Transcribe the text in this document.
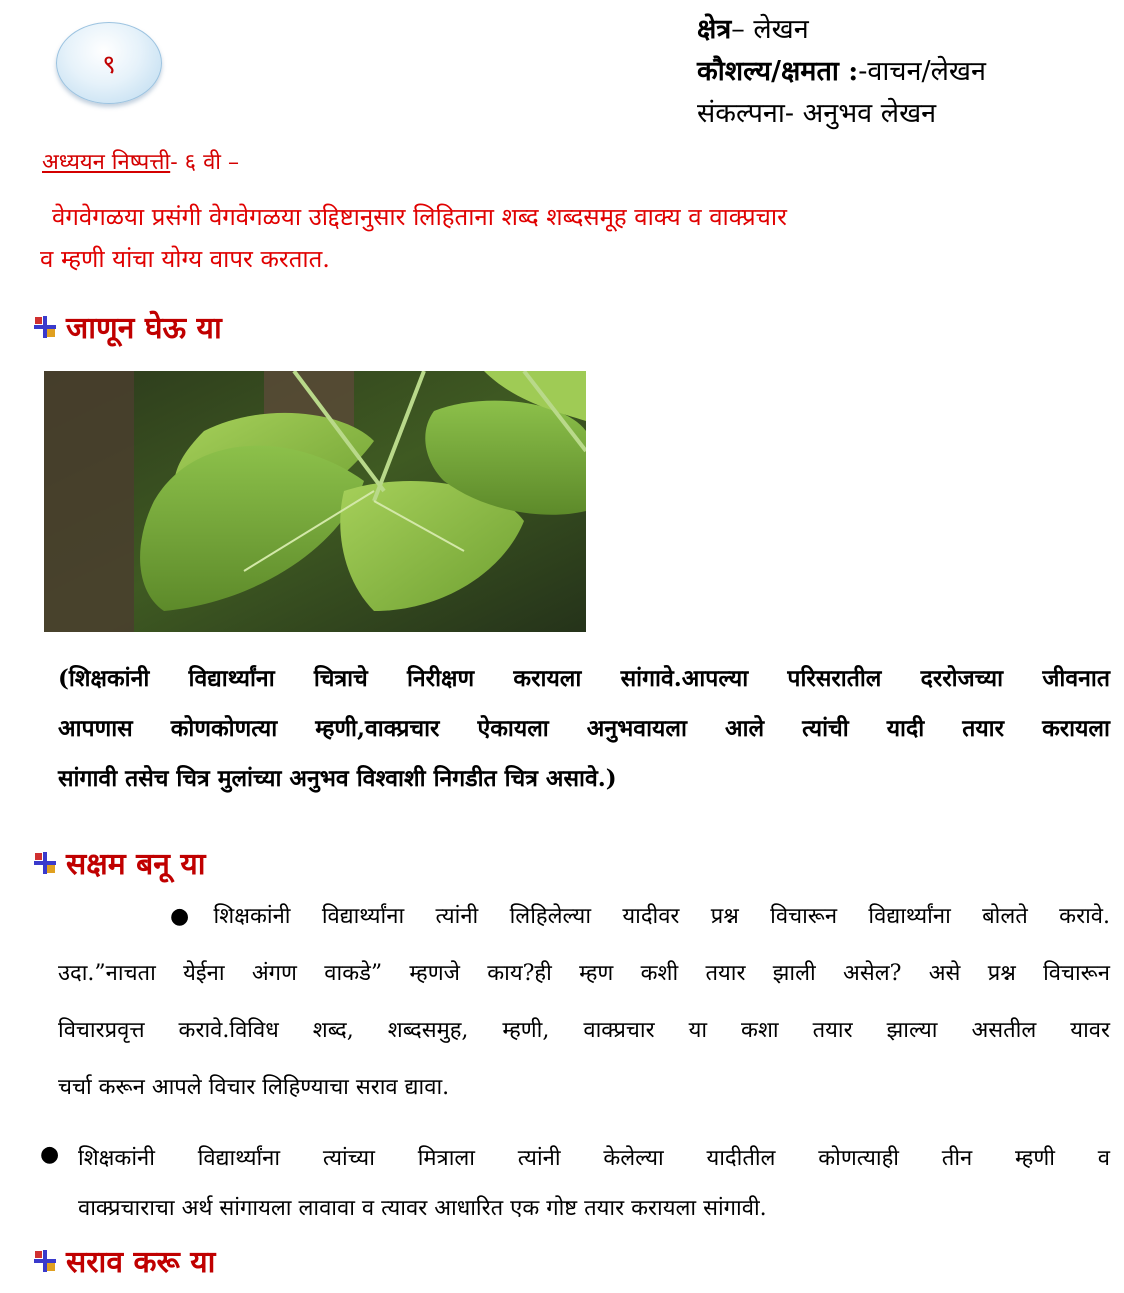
९
क्षेत्र– लेखन
कौशल्य/क्षमता :-वाचन/लेखन
संकल्पना- अनुभव लेखन
अध्ययन निष्पत्ती- ६ वी –
वेगवेगळया प्रसंगी वेगवेगळया उद्दिष्टानुसार लिहिताना शब्द शब्दसमूह वाक्य व वाक्प्रचार
व म्हणी यांचा योग्य वापर करतात.
जाणून घेऊ या
(शिक्षकांनी विद्यार्थ्यांना चित्राचे निरीक्षण करायला सांगावे.आपल्या परिसरातील दररोजच्या जीवनात
आपणास कोणकोणत्या म्हणी,वाक्प्रचार ऐकायला अनुभवायला आले त्यांची यादी तयार करायला
सांगावी तसेच चित्र मुलांच्या अनुभव विश्वाशी निगडीत चित्र असावे.)
सक्षम बनू या
●शिक्षकांनी विद्यार्थ्यांना त्यांनी लिहिलेल्या यादीवर प्रश्न विचारून विद्यार्थ्यांना बोलते करावे.
उदा.”नाचता येईना अंगण वाकडे” म्हणजे काय?ही म्हण कशी तयार झाली असेल? असे प्रश्न विचारून
विचारप्रवृत्त करावे.विविध शब्द, शब्दसमुह, म्हणी, वाक्प्रचार या कशा तयार झाल्या असतील यावर
चर्चा करून आपले विचार लिहिण्याचा सराव द्यावा.
● शिक्षकांनी विद्यार्थ्यांना त्यांच्या मित्राला त्यांनी केलेल्या यादीतील कोणत्याही तीन म्हणी व
वाक्प्रचाराचा अर्थ सांगायला लावावा व त्यावर आधारित एक गोष्ट तयार करायला सांगावी.
सराव करू या
